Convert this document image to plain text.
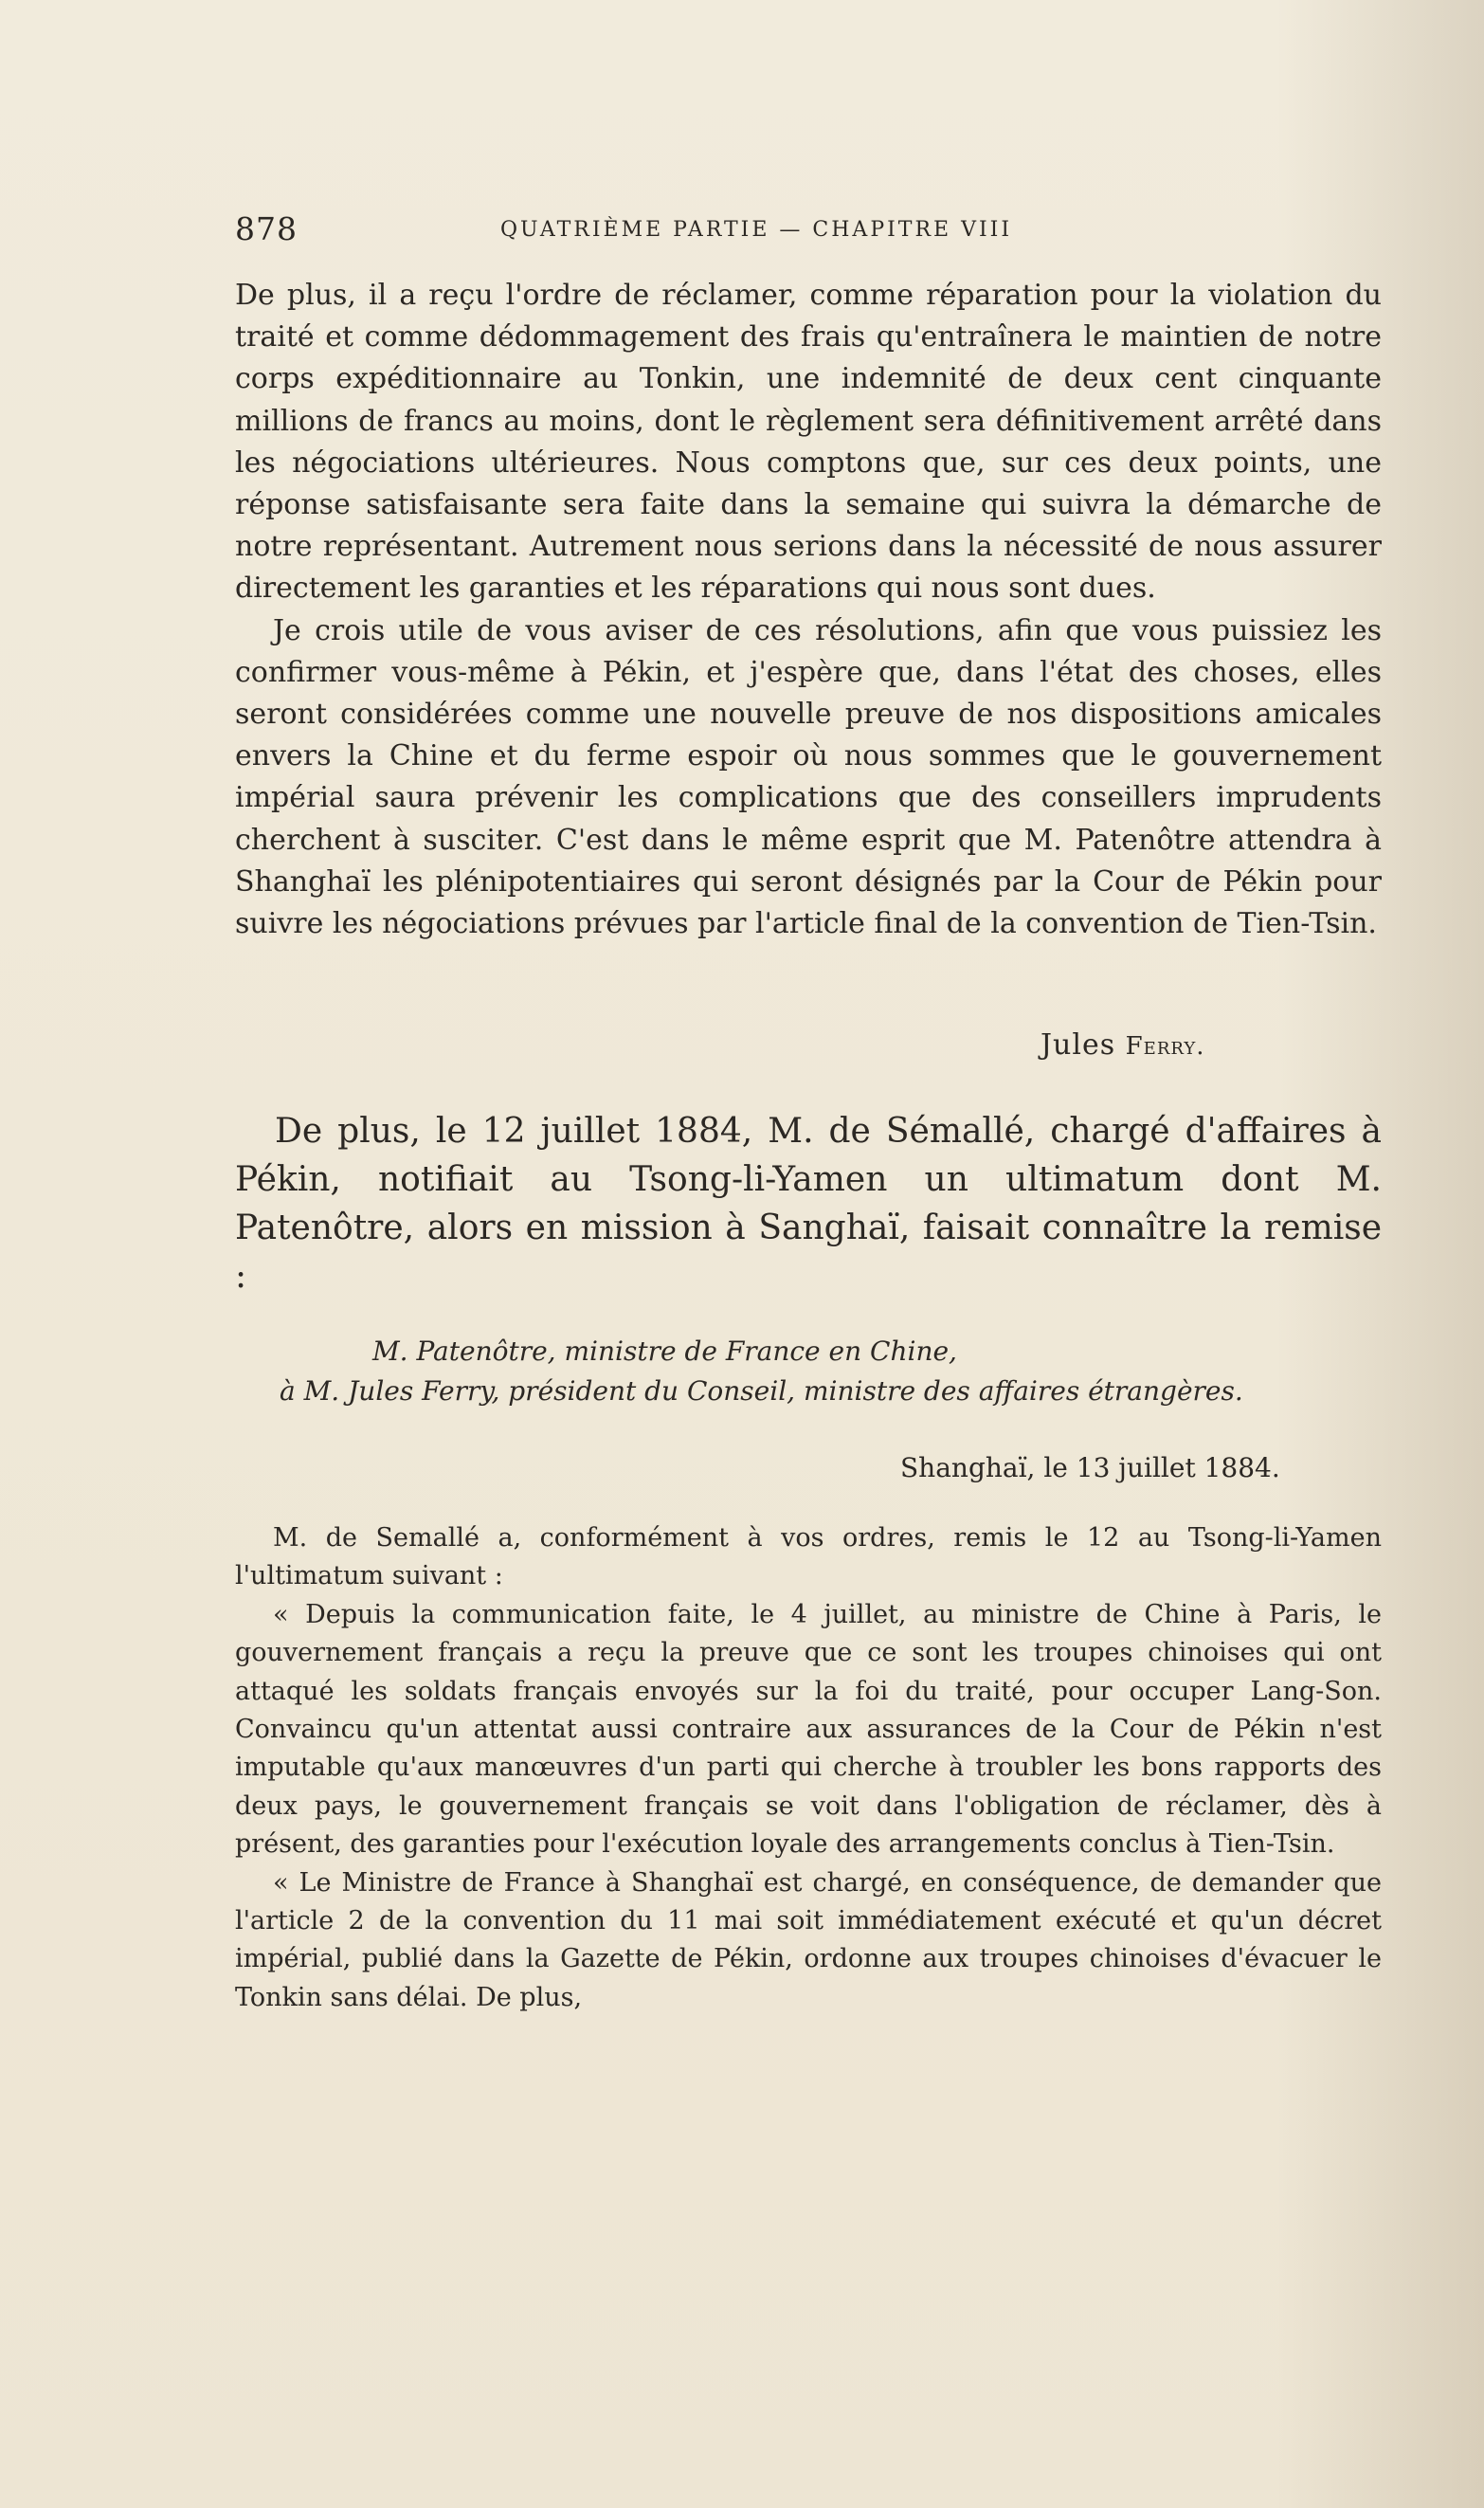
878	QUATRIÈME PARTIE — CHAPITRE VIII

De plus, il a reçu l'ordre de réclamer, comme réparation pour la violation du traité et comme dédommagement des frais qu'entraînera le maintien de notre corps expéditionnaire au Tonkin, une indemnité de deux cent cinquante millions de francs au moins, dont le règlement sera définitivement arrêté dans les négociations ultérieures. Nous comptons que, sur ces deux points, une réponse satisfaisante sera faite dans la semaine qui suivra la démarche de notre représentant. Autrement nous serions dans la nécessité de nous assurer directement les garanties et les réparations qui nous sont dues.

Je crois utile de vous aviser de ces résolutions, afin que vous puissiez les confirmer vous-même à Pékin, et j'espère que, dans l'état des choses, elles seront considérées comme une nouvelle preuve de nos dispositions amicales envers la Chine et du ferme espoir où nous sommes que le gouvernement impérial saura prévenir les complications que des conseillers imprudents cherchent à susciter. C'est dans le même esprit que M. Patenôtre attendra à Shanghaï les plénipotentiaires qui seront désignés par la Cour de Pékin pour suivre les négociations prévues par l'article final de la convention de Tien-Tsin.

Jules Ferry.

De plus, le 12 juillet 1884, M. de Sémallé, chargé d'affaires à Pékin, notifiait au Tsong-li-Yamen un ultimatum dont M. Patenôtre, alors en mission à Sanghaï, faisait connaître la remise :

M. Patenôtre, ministre de France en Chine,
à M. Jules Ferry, président du Conseil, ministre des affaires étrangères.
Shanghaï, le 13 juillet 1884.

M. de Semallé a, conformément à vos ordres, remis le 12 au Tsong-li-Yamen l'ultimatum suivant :

« Depuis la communication faite, le 4 juillet, au ministre de Chine à Paris, le gouvernement français a reçu la preuve que ce sont les troupes chinoises qui ont attaqué les soldats français envoyés sur la foi du traité, pour occuper Lang-Son. Convaincu qu'un attentat aussi contraire aux assurances de la Cour de Pékin n'est imputable qu'aux manœuvres d'un parti qui cherche à troubler les bons rapports des deux pays, le gouvernement français se voit dans l'obligation de réclamer, dès à présent, des garanties pour l'exécution loyale des arrangements conclus à Tien-Tsin.

« Le Ministre de France à Shanghaï est chargé, en conséquence, de demander que l'article 2 de la convention du 11 mai soit immédiatement exécuté et qu'un décret impérial, publié dans la Gazette de Pékin, ordonne aux troupes chinoises d'évacuer le Tonkin sans délai. De plus,
